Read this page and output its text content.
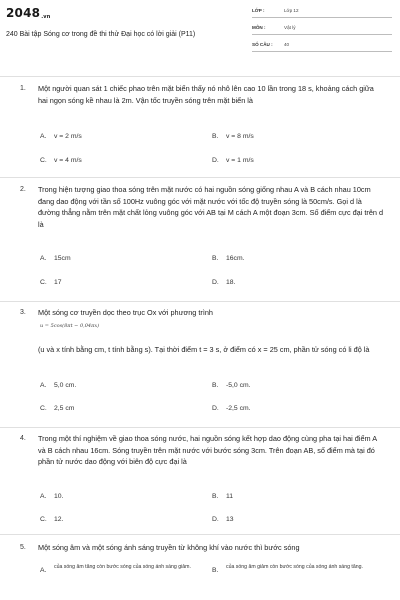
$2048_{.vn}$
240 Bài tập Sóng cơ trong đề thi thử Đại học có lời giải (P11)
LỚP :	Lớp 12
MÔN :	Vật lý
SỐ CÂU : 40
1. Một người quan sát 1 chiếc phao trên mặt biển thấy nó nhô lên cao 10 lần trong 18 s, khoảng cách giữa hai ngọn sóng kề nhau là 2m. Vận tốc truyền sóng trên mặt biển là
A. v = 2 m/s	B. v = 8 m/s
C. v = 4 m/s	D. v = 1 m/s
2. Trong hiện tượng giao thoa sóng trên mặt nước có hai nguồn sóng giống nhau A và B cách nhau 10cm đang dao động với tần số 100Hz vuông góc với mặt nước với tốc độ truyền sóng là 50cm/s. Gọi d là đường thẳng nằm trên mặt chất lỏng vuông góc với AB tại M cách A một đoạn 3cm. Số điểm cực đại trên d là
A. 15cm	B. 16cm.
C. 17	D. 18.
3. Một sóng cơ truyền dọc theo trục Ox với phương trình
u = 5cos(8πt − 0,04πx)
(u và x tính bằng cm, t tính bằng s). Tại thời điểm t = 3 s, ở điểm có x = 25 cm, phần tử sóng có li độ là
A. 5,0 cm.	B. -5,0 cm.
C. 2,5 cm	D. -2,5 cm.
4. Trong một thí nghiệm về giao thoa sóng nước, hai nguồn sóng kết hợp dao động cùng pha tại hai điểm A và B cách nhau 16cm. Sóng truyền trên mặt nước với bước sóng 3cm. Trên đoạn AB, số điểm mà tại đó phần tử nước dao động với biên độ cực đại là
A. 10.	B. 11
C. 12.	D. 13
5. Một sóng âm và một sóng ánh sáng truyền từ không khí vào nước thì bước sóng
A. của sóng âm tăng còn bước sóng của sóng ánh sáng giảm.	B. của sóng âm giảm còn bước sóng của sóng ánh sáng tăng.
